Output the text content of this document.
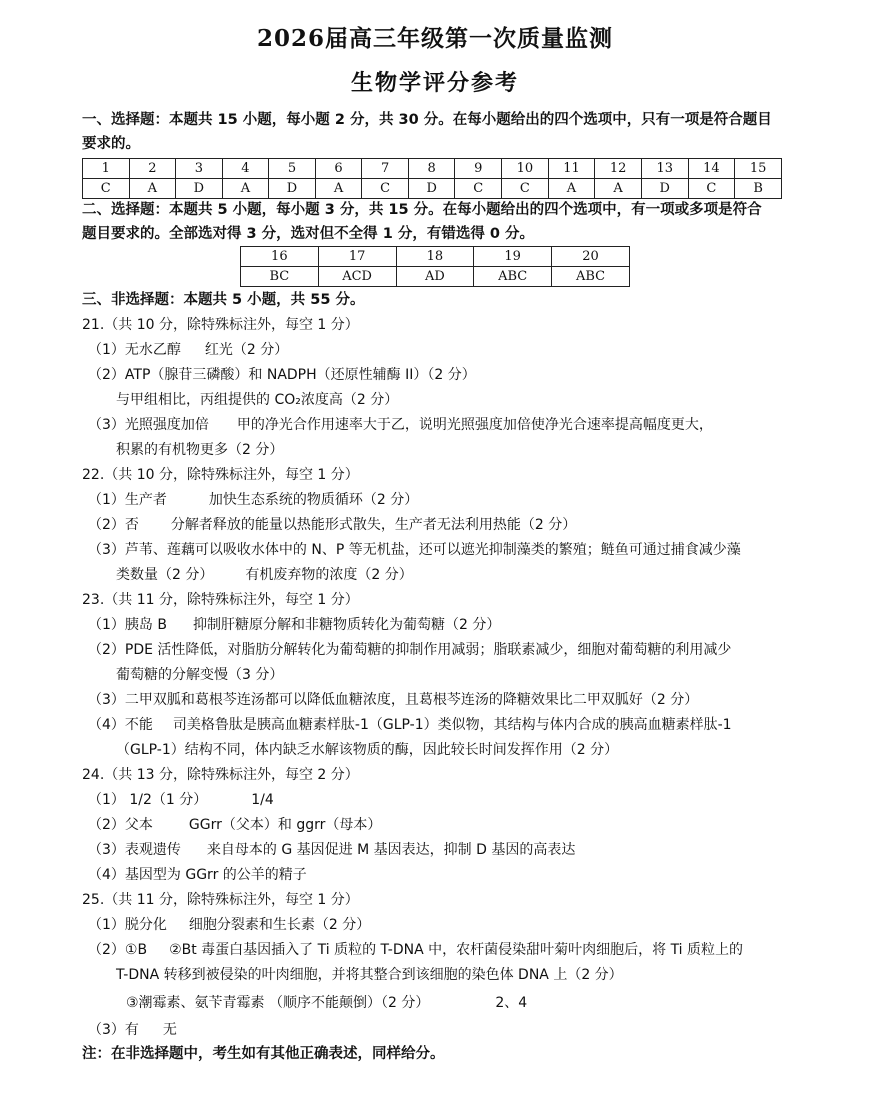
2026届高三年级第一次质量监测
生物学评分参考
一、选择题：本题共 15 小题，每小题 2 分，共 30 分。在每小题给出的四个选项中，只有一项是符合题目
要求的。
1	2	3	4	5	6	7	8	9	10	11	12	13	14	15
C	A	D	A	D	A	C	D	C	C	A	A	D	C	B
二、选择题：本题共 5 小题，每小题 3 分，共 15 分。在每小题给出的四个选项中，有一项或多项是符合
题目要求的。全部选对得 3 分，选对但不全得 1 分，有错选得 0 分。
16	17	18	19	20
BC	ACD	AD	ABC	ABC
三、非选择题：本题共 5 小题，共 55 分。
21.（共 10 分，除特殊标注外，每空 1 分）
（1）无水乙醇 红光（2 分）
（2）ATP（腺苷三磷酸）和 NADPH（还原性辅酶 II）（2 分）
与甲组相比，丙组提供的 CO₂浓度高（2 分）
（3）光照强度加倍 甲的净光合作用速率大于乙，说明光照强度加倍使净光合速率提高幅度更大，
积累的有机物更多（2 分）
22.（共 10 分，除特殊标注外，每空 1 分）
（1）生产者	加快生态系统的物质循环（2 分）
（2）否 分解者释放的能量以热能形式散失，生产者无法利用热能（2 分）
（3）芦苇、莲藕可以吸收水体中的 N、P 等无机盐，还可以遮光抑制藻类的繁殖；鲢鱼可通过捕食减少藻
类数量（2 分） 有机废弃物的浓度（2 分）
23.（共 11 分，除特殊标注外，每空 1 分）
（1）胰岛 B 抑制肝糖原分解和非糖物质转化为葡萄糖（2 分）
（2）PDE 活性降低，对脂肪分解转化为葡萄糖的抑制作用减弱；脂联素减少，细胞对葡萄糖的利用减少
葡萄糖的分解变慢（3 分）
（3）二甲双胍和葛根芩连汤都可以降低血糖浓度，且葛根芩连汤的降糖效果比二甲双胍好（2 分）
（4）不能 司美格鲁肽是胰高血糖素样肽-1（GLP-1）类似物，其结构与体内合成的胰高血糖素样肽-1
（GLP-1）结构不同，体内缺乏水解该物质的酶，因此较长时间发挥作用（2 分）
24.（共 13 分，除特殊标注外，每空 2 分）
（1） 1/2（1 分）	1/4
（2）父本	GGrr（父本）和 ggrr（母本）
（3）表观遗传 来自母本的 G 基因促进 M 基因表达，抑制 D 基因的高表达
（4）基因型为 GGrr 的公羊的精子
25.（共 11 分，除特殊标注外，每空 1 分）
（1）脱分化 细胞分裂素和生长素（2 分）
（2）①B ②Bt 毒蛋白基因插入了 Ti 质粒的 T-DNA 中，农杆菌侵染甜叶菊叶肉细胞后，将 Ti 质粒上的
T-DNA 转移到被侵染的叶肉细胞，并将其整合到该细胞的染色体 DNA 上（2 分）
③潮霉素、氨苄青霉素 （顺序不能颠倒）（2 分）	2、4
（3）有 无
注：在非选择题中，考生如有其他正确表述，同样给分。
